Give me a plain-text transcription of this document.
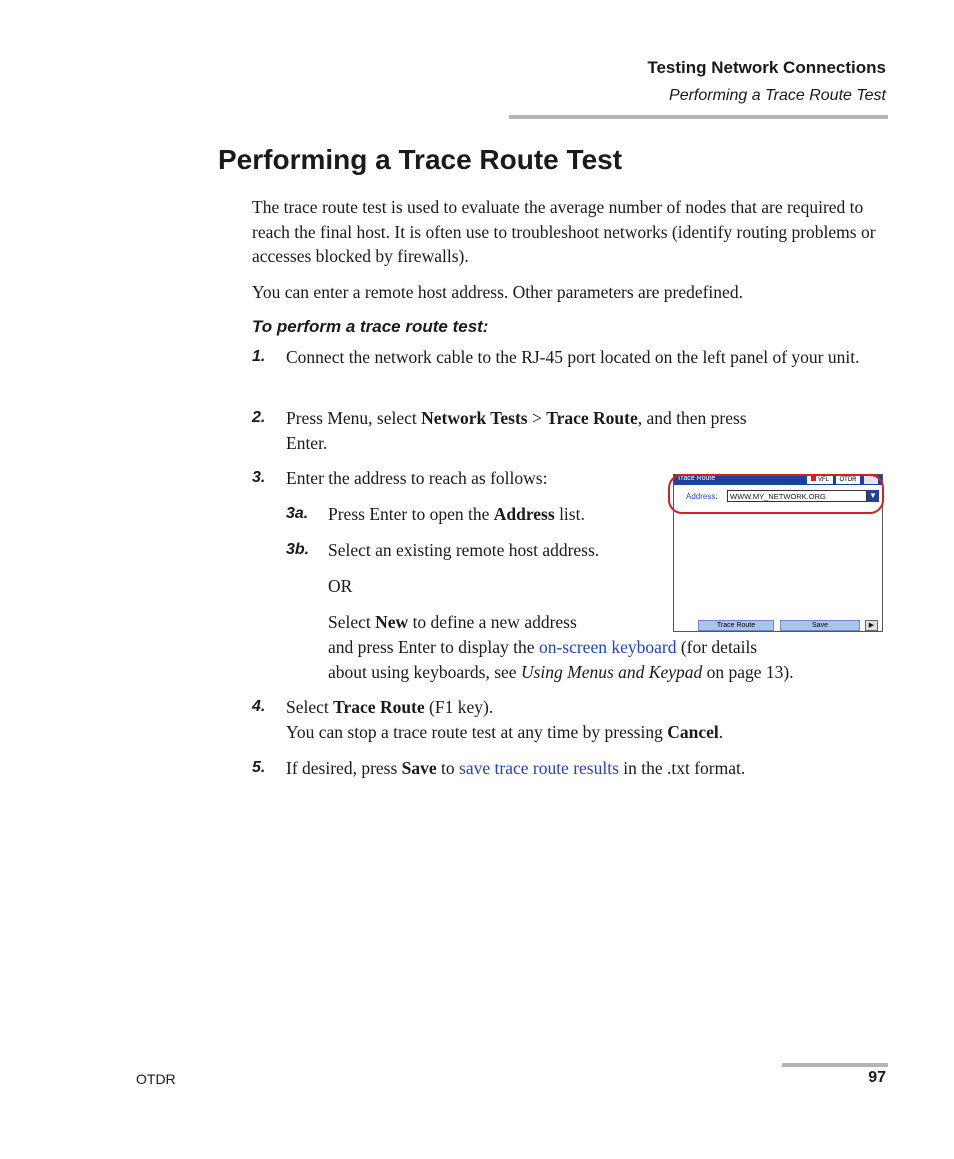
Testing Network Connections
Performing a Trace Route Test
Performing a Trace Route Test
The trace route test is used to evaluate the average number of nodes that are required to reach the final host. It is often use to troubleshoot networks (identify routing problems or accesses blocked by firewalls).
You can enter a remote host address. Other parameters are predefined.
To perform a trace route test:
1. Connect the network cable to the RJ-45 port located on the left panel of your unit.
2. Press Menu, select Network Tests > Trace Route, and then press
Enter.
3. Enter the address to reach as follows:
3a. Press Enter to open the Address list.
3b. Select an existing remote host address.
OR
Select New to define a new address
and press Enter to display the on-screen keyboard (for details
about using keyboards, see Using Menus and Keypad on page 13).
4. Select Trace Route (F1 key).
You can stop a trace route test at any time by pressing Cancel.
5. If desired, press Save to save trace route results in the .txt format.
Trace Route	VFL	OTDR
Address:	WWW.MY_NETWORK.ORG	▼
Trace Route	Save	▶
OTDR	97
